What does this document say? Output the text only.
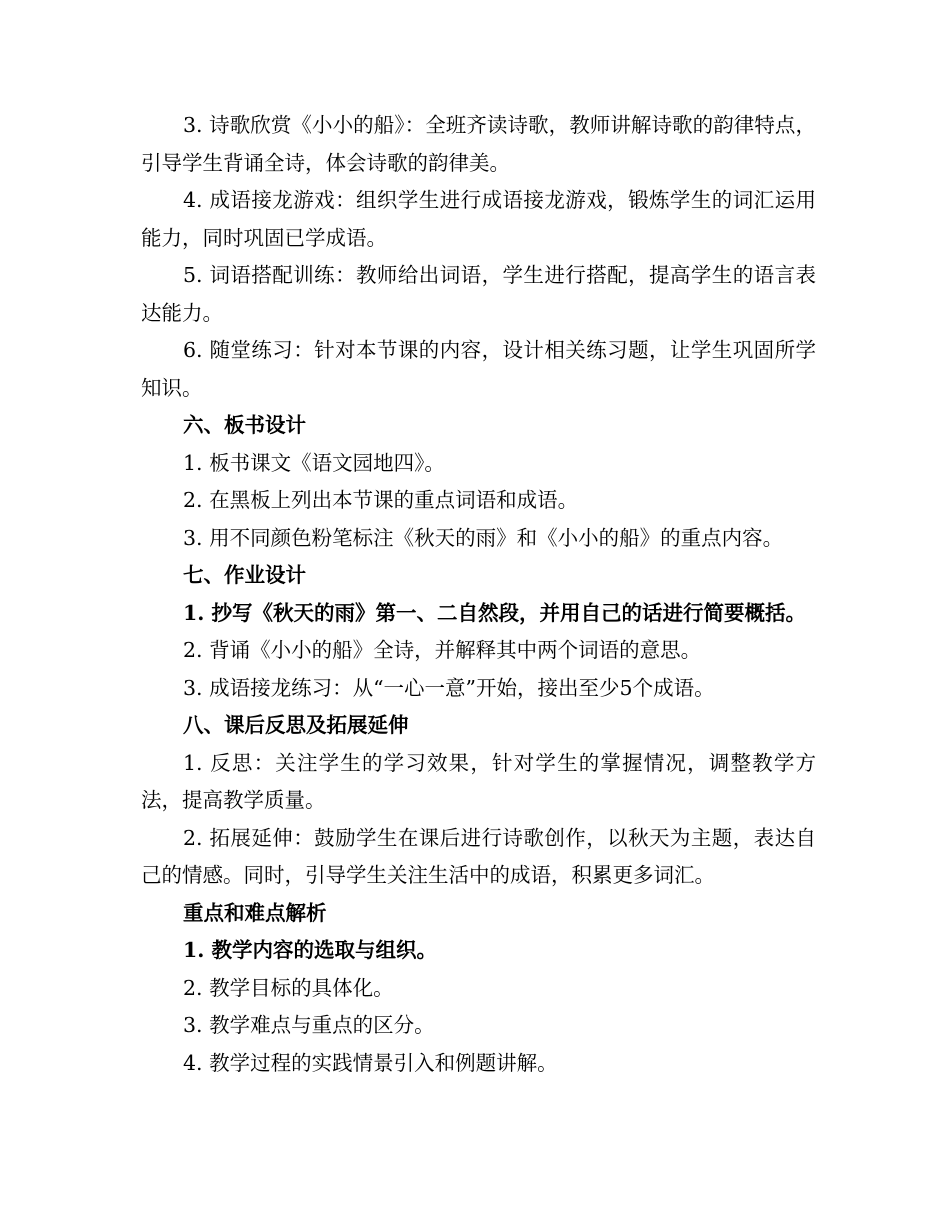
3. 诗歌欣赏《小小的船》：全班齐读诗歌，教师讲解诗歌的韵律特点，引导学生背诵全诗，体会诗歌的韵律美。

4. 成语接龙游戏：组织学生进行成语接龙游戏，锻炼学生的词汇运用能力，同时巩固已学成语。

5. 词语搭配训练：教师给出词语，学生进行搭配，提高学生的语言表达能力。

6. 随堂练习：针对本节课的内容，设计相关练习题，让学生巩固所学知识。

六、板书设计

1. 板书课文《语文园地四》。

2. 在黑板上列出本节课的重点词语和成语。

3. 用不同颜色粉笔标注《秋天的雨》和《小小的船》的重点内容。

七、作业设计

1. 抄写《秋天的雨》第一、二自然段，并用自己的话进行简要概括。

2. 背诵《小小的船》全诗，并解释其中两个词语的意思。

3. 成语接龙练习：从“一心一意”开始，接出至少5个成语。

八、课后反思及拓展延伸

1. 反思：关注学生的学习效果，针对学生的掌握情况，调整教学方法，提高教学质量。

2. 拓展延伸：鼓励学生在课后进行诗歌创作，以秋天为主题，表达自己的情感。同时，引导学生关注生活中的成语，积累更多词汇。

重点和难点解析

1. 教学内容的选取与组织。

2. 教学目标的具体化。

3. 教学难点与重点的区分。

4. 教学过程的实践情景引入和例题讲解。
